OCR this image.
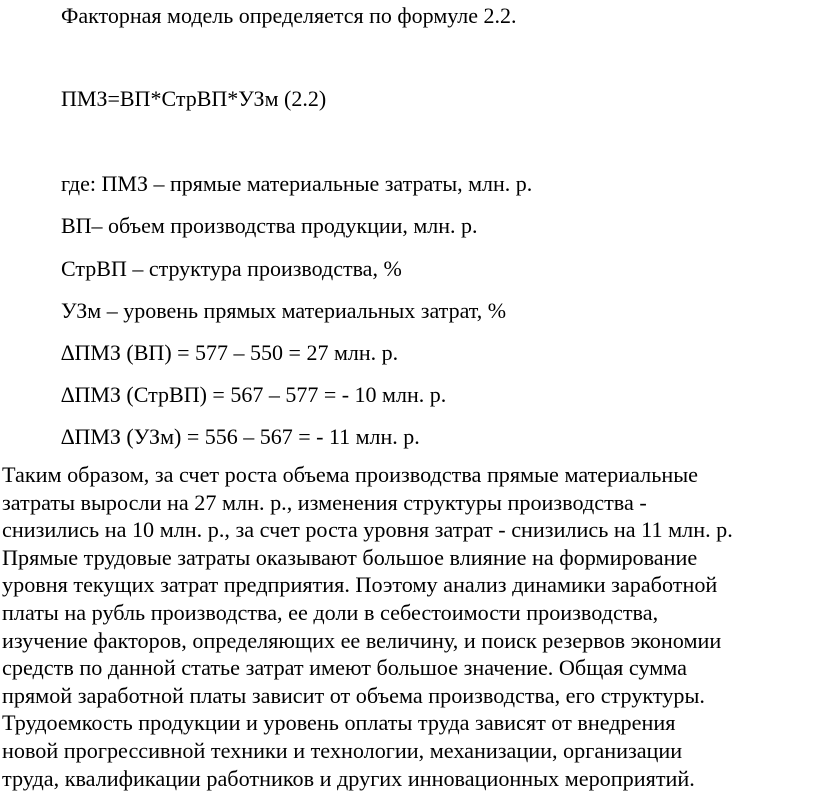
Факторная модель определяется по формуле 2.2.

ПМЗ=ВП*СтрВП*УЗм (2.2)

где: ПМЗ – прямые материальные затраты, млн. р.

ВП– объем производства продукции, млн. р.

СтрВП – структура производства, %

УЗм – уровень прямых материальных затрат, %

∆ПМЗ (ВП) = 577 – 550 = 27 млн. р.

∆ПМЗ (СтрВП) = 567 – 577 = - 10 млн. р.

∆ПМЗ (УЗм) = 556 – 567 = - 11 млн. р.

Таким образом, за счет роста объема производства прямые материальные
затраты выросли на 27 млн. р., изменения структуры производства -
снизились на 10 млн. р., за счет роста уровня затрат - снизились на 11 млн. р.
Прямые трудовые затраты оказывают большое влияние на формирование
уровня текущих затрат предприятия. Поэтому анализ динамики заработной
платы на рубль производства, ее доли в себестоимости производства,
изучение факторов, определяющих ее величину, и поиск резервов экономии
средств по данной статье затрат имеют большое значение. Общая сумма
прямой заработной платы зависит от объема производства, его структуры.
Трудоемкость продукции и уровень оплаты труда зависят от внедрения
новой прогрессивной техники и технологии, механизации, организации
труда, квалификации работников и других инновационных мероприятий.
